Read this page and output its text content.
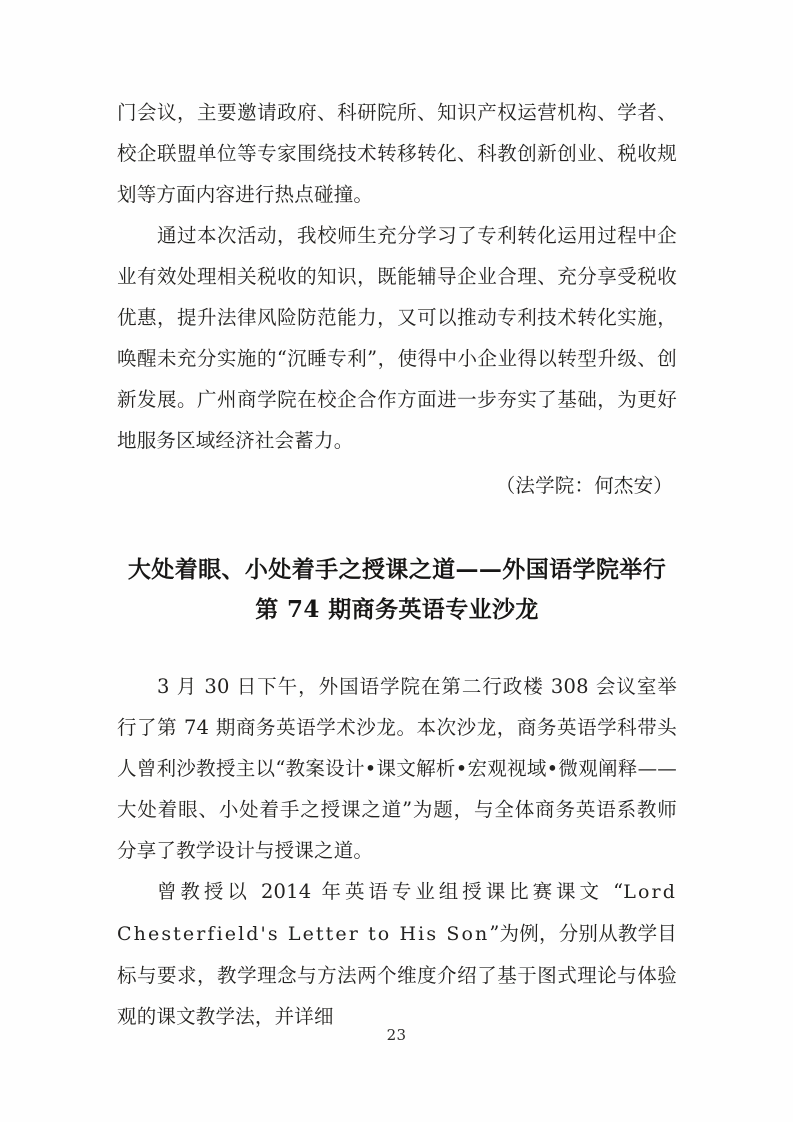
门会议，主要邀请政府、科研院所、知识产权运营机构、学者、校企联盟单位等专家围绕技术转移转化、科教创新创业、税收规划等方面内容进行热点碰撞。

通过本次活动，我校师生充分学习了专利转化运用过程中企业有效处理相关税收的知识，既能辅导企业合理、充分享受税收优惠，提升法律风险防范能力，又可以推动专利技术转化实施，唤醒未充分实施的“沉睡专利”，使得中小企业得以转型升级、创新发展。广州商学院在校企合作方面进一步夯实了基础，为更好地服务区域经济社会蓄力。

（法学院：何杰安）

大处着眼、小处着手之授课之道——外国语学院举行
第 74 期商务英语专业沙龙

3 月 30 日下午，外国语学院在第二行政楼 308 会议室举行了第 74 期商务英语学术沙龙。本次沙龙，商务英语学科带头人曾利沙教授主以“教案设计•课文解析•宏观视域•微观阐释——大处着眼、小处着手之授课之道”为题，与全体商务英语系教师分享了教学设计与授课之道。

曾教授以 2014 年英语专业组授课比赛课文 “Lord Chesterfield's Letter to His Son”为例，分别从教学目标与要求，教学理念与方法两个维度介绍了基于图式理论与体验观的课文教学法，并详细

23
